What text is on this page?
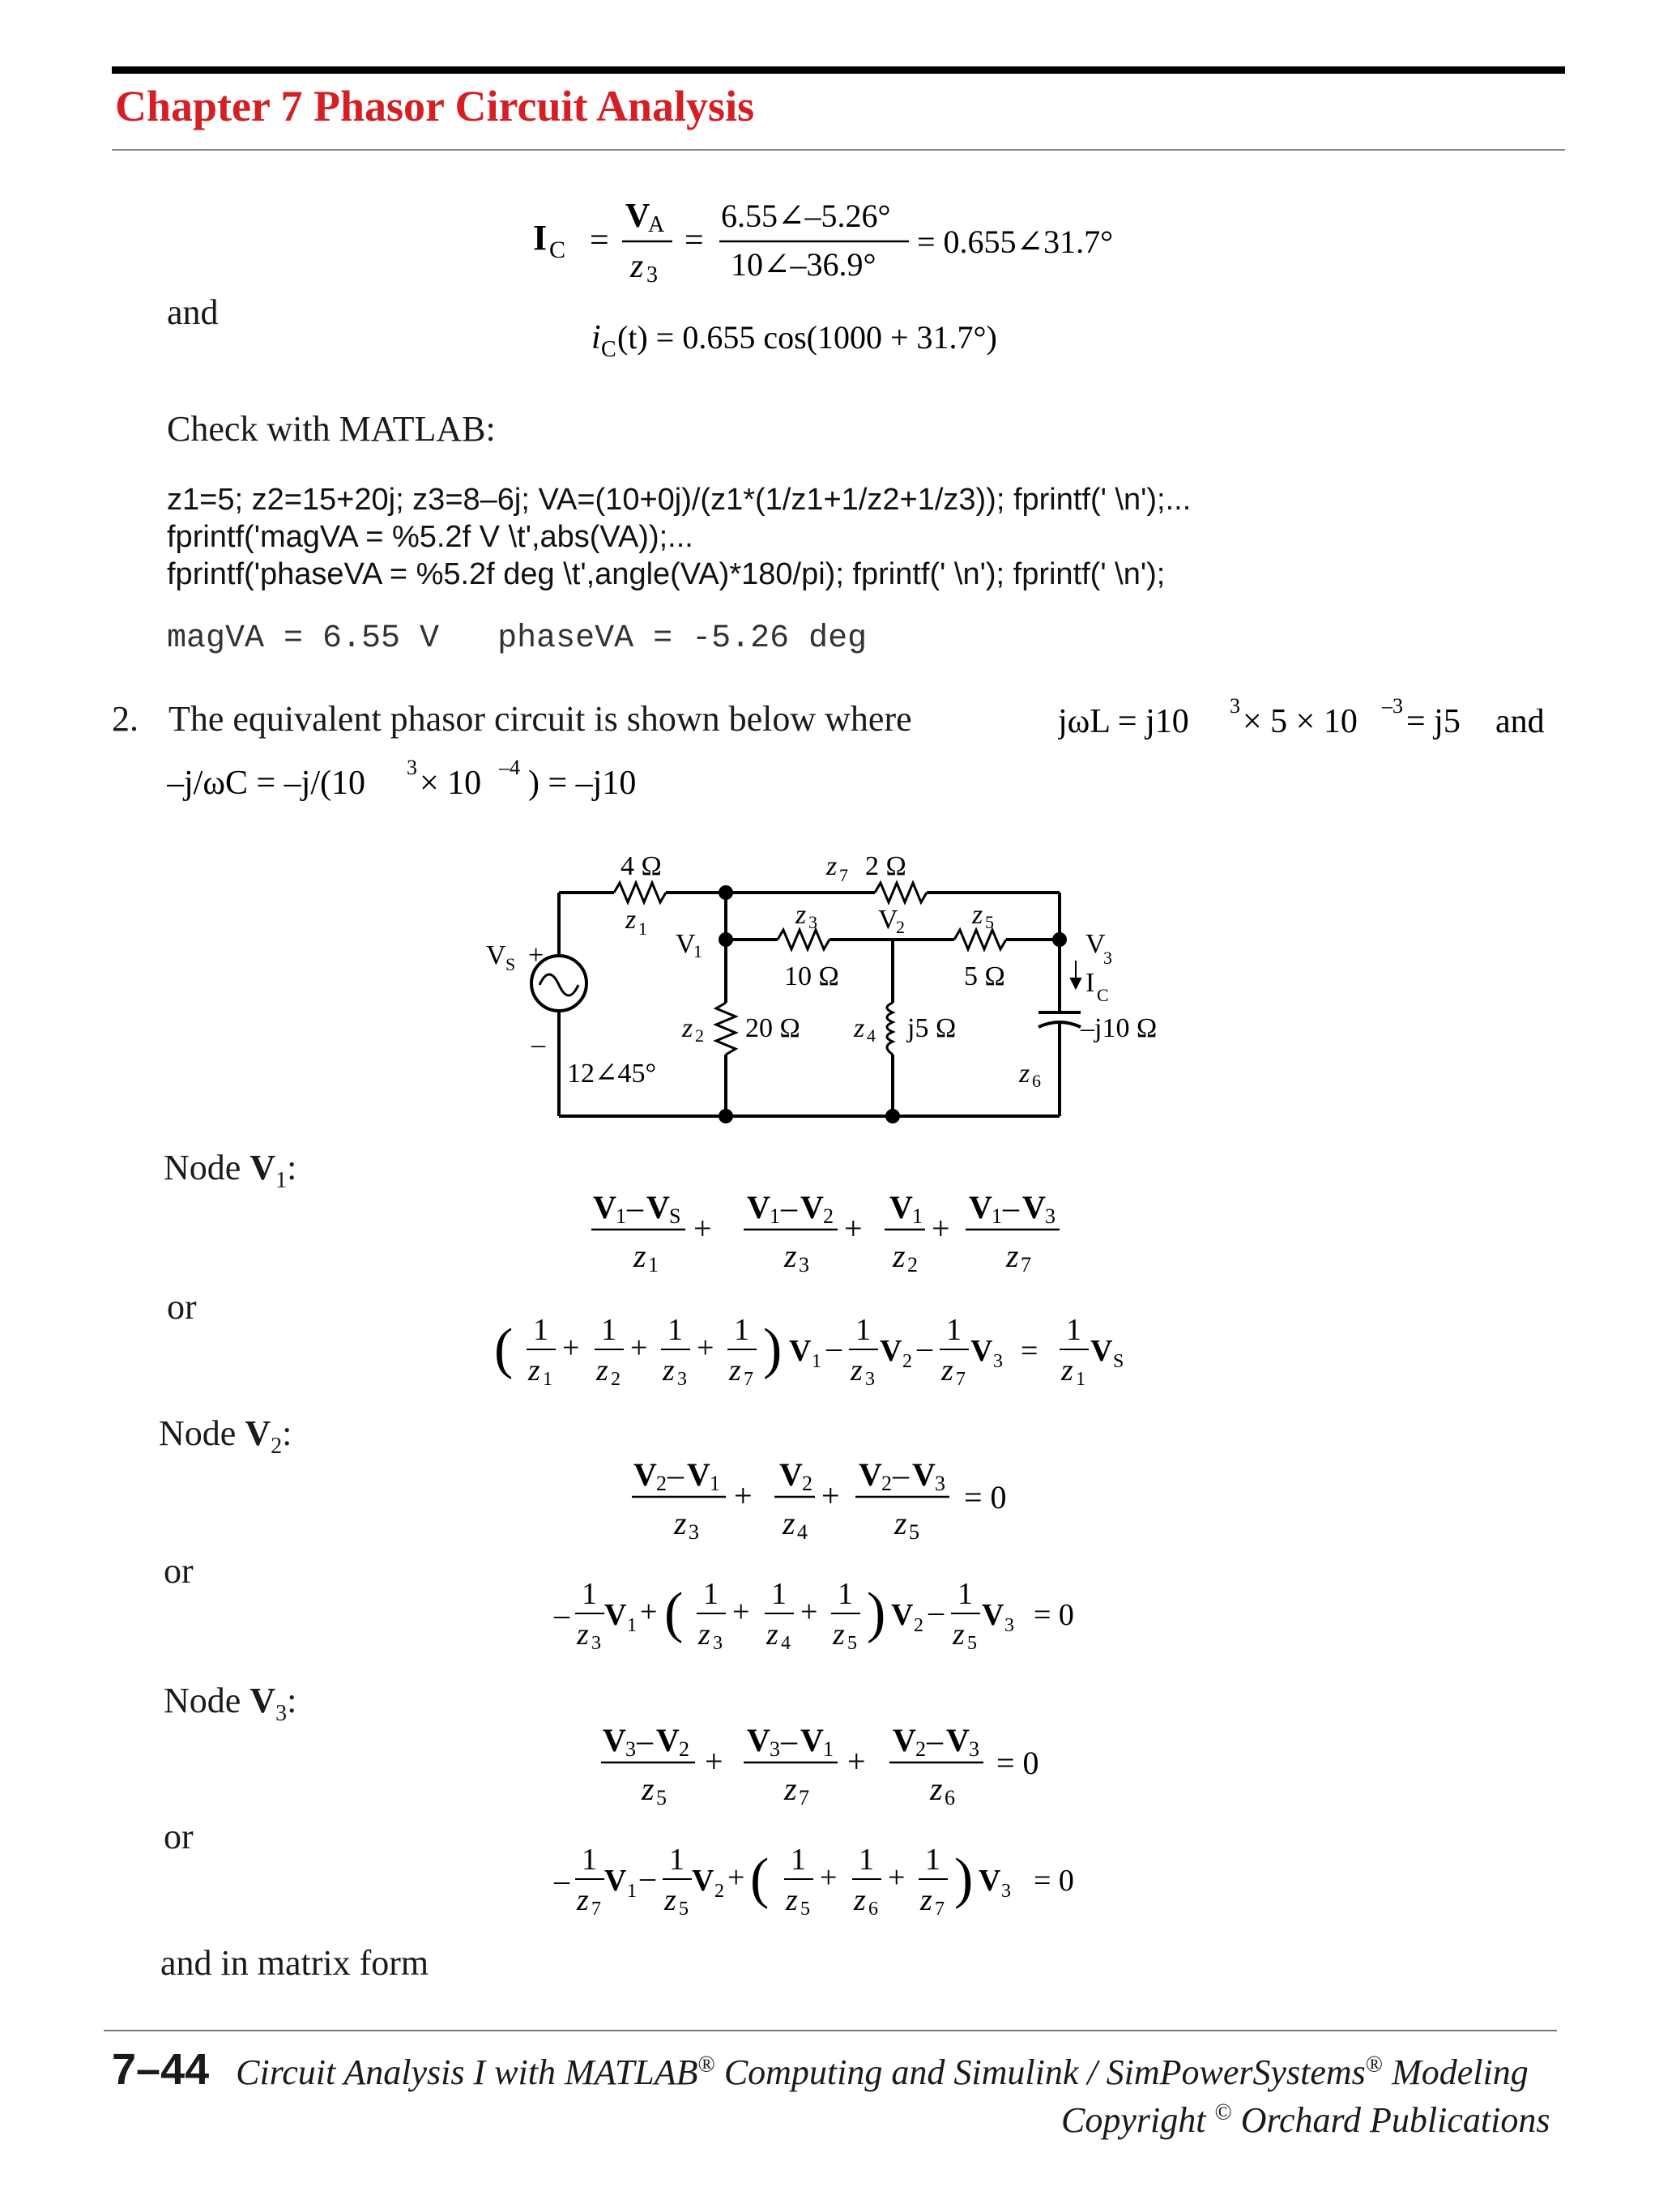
Chapter 7 Phasor Circuit Analysis
I C =
V
A
z 3
=
6.55∠–5.26°
10∠–36.9°
= 0.655∠31.7°
and
i C (t) = 0.655 cos(1000 + 31.7°)
Check with MATLAB:
z1=5; z2=15+20j; z3=8–6j; VA=(10+0j)/(z1*(1/z1+1/z2+1/z3)); fprintf(' \n');...
fprintf('magVA = %5.2f V \t',abs(VA));...
fprintf('phaseVA = %5.2f deg \t',angle(VA)*180/pi); fprintf(' \n'); fprintf(' \n');
magVA = 6.55 V   phaseVA = -5.26 deg
2. The equivalent phasor circuit is shown below where	jωL = j10 3 × 5 × 10 –3 = j5 and
–j/ωC = –j/(10 3 × 10 –4 ) = –j10
4 Ω
z 1
z 7 2 Ω
z 3
10 Ω
z 5
5 Ω
z 2 20 Ω z 4 j5 Ω
z 6
–j10 Ω
V
1
V
2
V
3
V S +
–
12∠45°
I C
Node $V_1$:
V 1 – V S
z 1
+
V 1 – V 2
z 3
+
V 1
z 2
+
V 1 – V 3
z 7
or
( 1
z 1
+
1
z 2
+
1
z 3
+
1
z 7 ) V 1 –
1
z 3
V 2 –
1
z 7
V 3 =
1
z 1
V S
Node $V_2$:
V 2 – V 1
z 3
+
V 2
z 4
+
V 2 – V 3
z 5
= 0
or
–
1
z 3
V 1 + ( 1
z 3
+
1
z 4
+
1
z 5 ) V 2 –
1
z 5
V 3 = 0
Node $V_3$:
V 3 – V 2
z 5
+
V 3 – V 1
z 7
+
V 2 – V 3
z 6
= 0
or
–
1
z 7
V 1 –
1
z 5
V 2 + ( 1
z 5
+
1
z 6
+
1
z 7 ) V 3 = 0
and in matrix form
7–44 Circuit Analysis I with MATLAB® Computing and Simulink / SimPowerSystems® Modeling
Copyright © Orchard Publications
